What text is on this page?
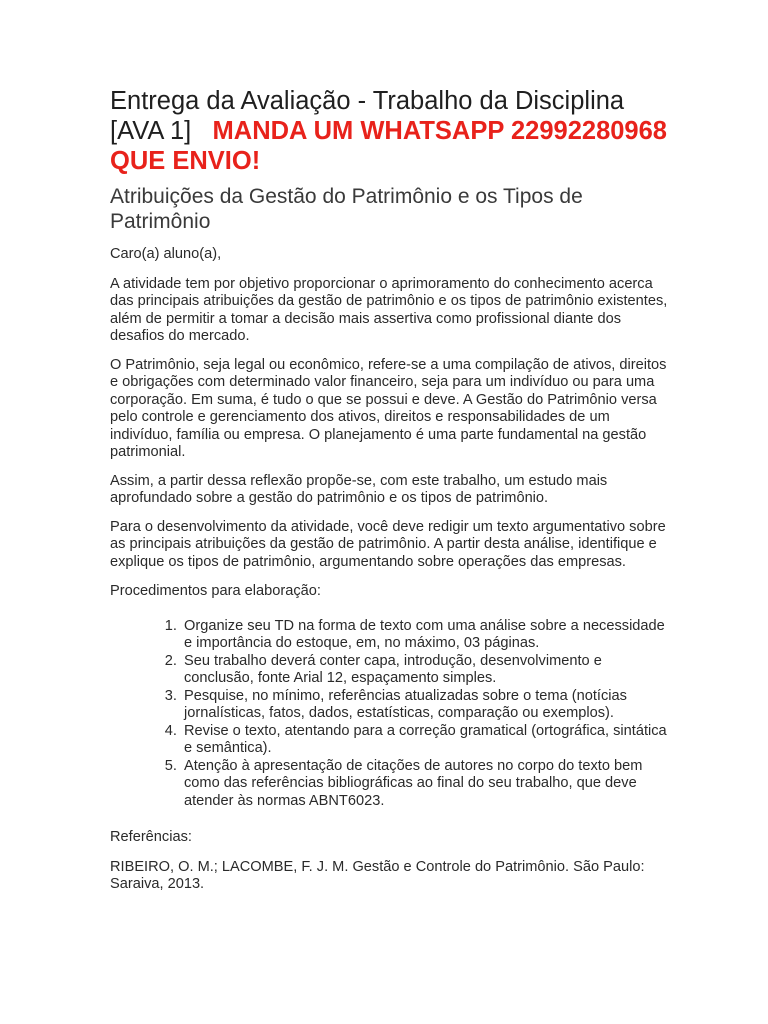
Entrega da Avaliação - Trabalho da Disciplina [AVA 1] MANDA UM WHATSAPP 2299228096​8 QUE ENVIO!
Atribuições da Gestão do Patrimônio e os Tipos de Patrimônio

Caro(a) aluno(a),

A atividade tem por objetivo proporcionar o aprimoramento do conhecimento acerca das principais atribuições da gestão de patrimônio e os tipos de patrimônio existentes, além de permitir a tomar a decisão mais assertiva como profissional diante dos desafios do mercado.

O Patrimônio, seja legal ou econômico, refere-se a uma compilação de ativos, direitos e obrigações com determinado valor financeiro, seja para um indivíduo ou para uma corporação. Em suma, é tudo o que se possui e deve. A Gestão do Patrimônio versa pelo controle e gerenciamento dos ativos, direitos e responsabilidades de um indivíduo, família ou empresa. O planejamento é uma parte fundamental na gestão patrimonial.

Assim, a partir dessa reflexão propõe-se, com este trabalho, um estudo mais aprofundado sobre a gestão do patrimônio e os tipos de patrimônio.

Para o desenvolvimento da atividade, você deve redigir um texto argumentativo sobre as principais atribuições da gestão de patrimônio. A partir desta análise, identifique e explique os tipos de patrimônio, argumentando sobre operações das empresas.

Procedimentos para elaboração:

1. Organize seu TD na forma de texto com uma análise sobre a necessidade e importância do estoque, em, no máximo, 03 páginas.
2. Seu trabalho deverá conter capa, introdução, desenvolvimento e conclusão, fonte Arial 12, espaçamento simples.
3. Pesquise, no mínimo, referências atualizadas sobre o tema (notícias jornalísticas, fatos, dados, estatísticas, comparação ou exemplos).
4. Revise o texto, atentando para a correção gramatical (ortográfica, sintática e semântica).
5. Atenção à apresentação de citações de autores no corpo do texto bem como das referências bibliográficas ao final do seu trabalho, que deve atender às normas ABNT6023.

Referências:

RIBEIRO, O. M.; LACOMBE, F. J. M. Gestão e Controle do Patrimônio. São Paulo: Saraiva, 2013.
